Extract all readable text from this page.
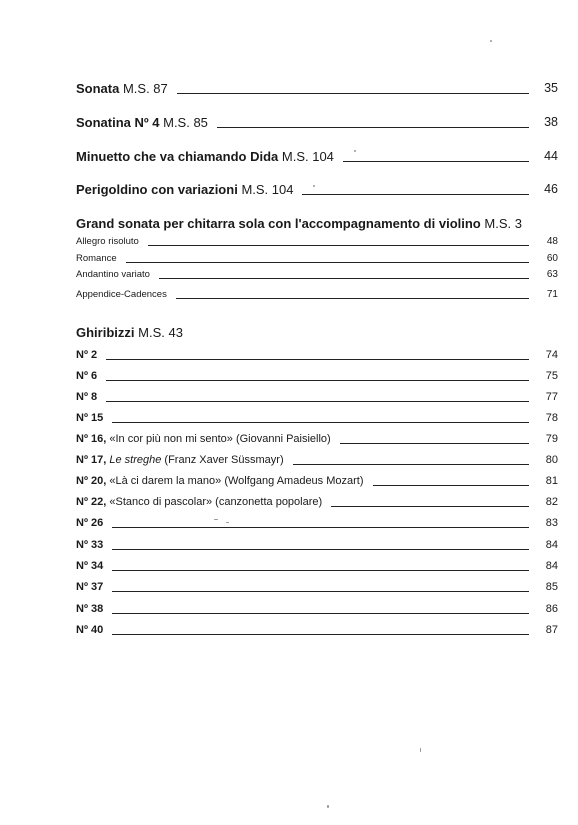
Sonata M.S. 87	35
Sonatina Nº 4 M.S. 85	38
Minuetto che va chiamando Dida M.S. 104	44
Perigoldino con variazioni M.S. 104	46
Grand sonata per chitarra sola con l'accompagnamento di violino M.S. 3
Allegro risoluto	48
Romance	60
Andantino variato	63
Appendice-Cadences	71
Ghiribizzi M.S. 43
Nº 2	74
Nº 6	75
Nº 8	77
Nº 15	78
Nº 16, «In cor più non mi sento» (Giovanni Paisiello)	79
Nº 17, Le streghe (Franz Xaver Süssmayr)	80
Nº 20, «Là ci darem la mano» (Wolfgang Amadeus Mozart)	81
Nº 22, «Stanco di pascolar» (canzonetta popolare)	82
Nº 26	83
Nº 33	84
Nº 34	84
Nº 37	85
Nº 38	86
Nº 40	87
